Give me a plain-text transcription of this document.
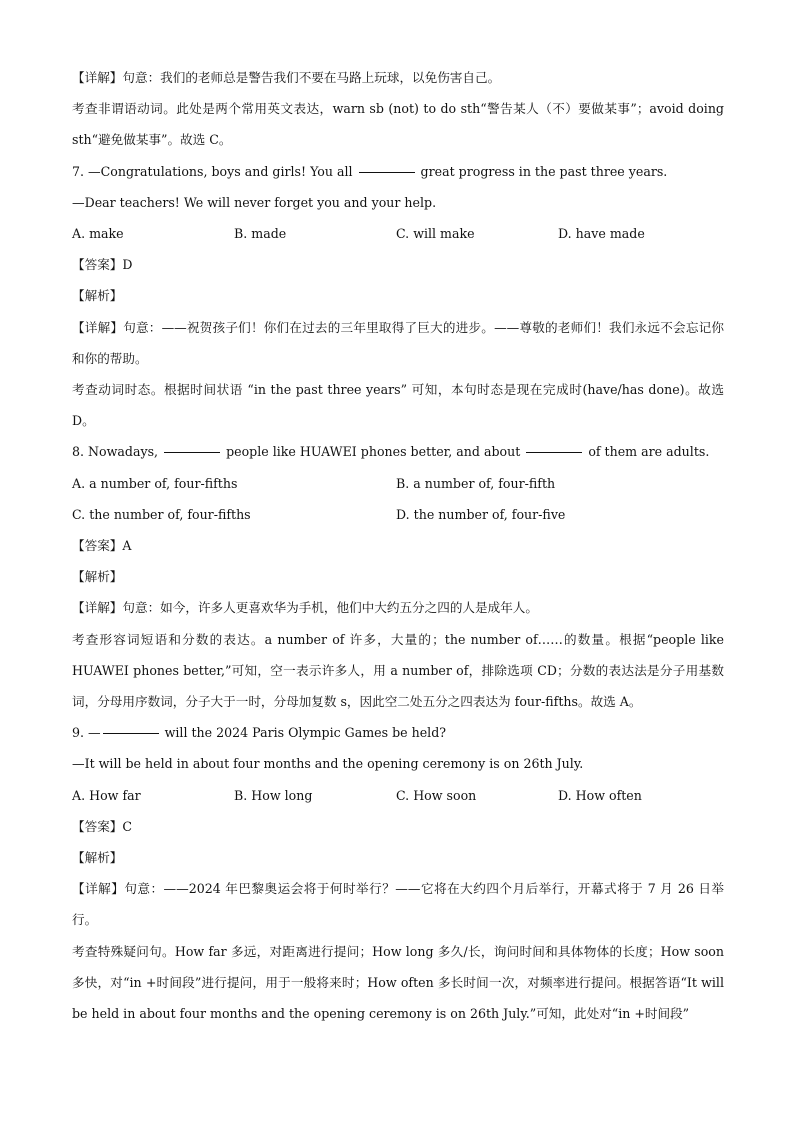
【详解】句意：我们的老师总是警告我们不要在马路上玩球，以免伤害自己。

考查非谓语动词。此处是两个常用英文表达，warn sb (not) to do sth“警告某人（不）要做某事”；avoid doing sth“避免做某事”。故选 C。

7. —Congratulations, boys and girls! You all	great progress in the past three years.

—Dear teachers! We will never forget you and your help.

A. make	B. made	C. will make	D. have made

【答案】D

【解析】

【详解】句意：——祝贺孩子们！你们在过去的三年里取得了巨大的进步。——尊敬的老师们！我们永远不会忘记你和你的帮助。

考查动词时态。根据时间状语 “in the past three years” 可知，本句时态是现在完成时(have/has done)。故选 D。

8. Nowadays,	people like HUAWEI phones better, and about	of them are adults.

A. a number of, four-fifths	B. a number of, four-fifth
C. the number of, four-fifths	D. the number of, four-five

【答案】A

【解析】

【详解】句意：如今，许多人更喜欢华为手机，他们中大约五分之四的人是成年人。

考查形容词短语和分数的表达。a number of 许多，大量的；the number of……的数量。根据“people like HUAWEI phones better,”可知，空一表示许多人，用 a number of，排除选项 CD；分数的表达法是分子用基数词，分母用序数词，分子大于一时，分母加复数 s，因此空二处五分之四表达为 four-fifths。故选 A。

9. —	will the 2024 Paris Olympic Games be held?

—It will be held in about four months and the opening ceremony is on 26th July.

A. How far	B. How long	C. How soon	D. How often

【答案】C

【解析】

【详解】句意：——2024 年巴黎奥运会将于何时举行？——它将在大约四个月后举行，开幕式将于 7 月 26 日举行。

考查特殊疑问句。How far 多远，对距离进行提问；How long 多久/长，询问时间和具体物体的长度；How soon 多快，对“in +时间段”进行提问，用于一般将来时；How often 多长时间一次，对频率进行提问。根据答语“It will be held in about four months and the opening ceremony is on 26th July.”可知，此处对“in +时间段”
